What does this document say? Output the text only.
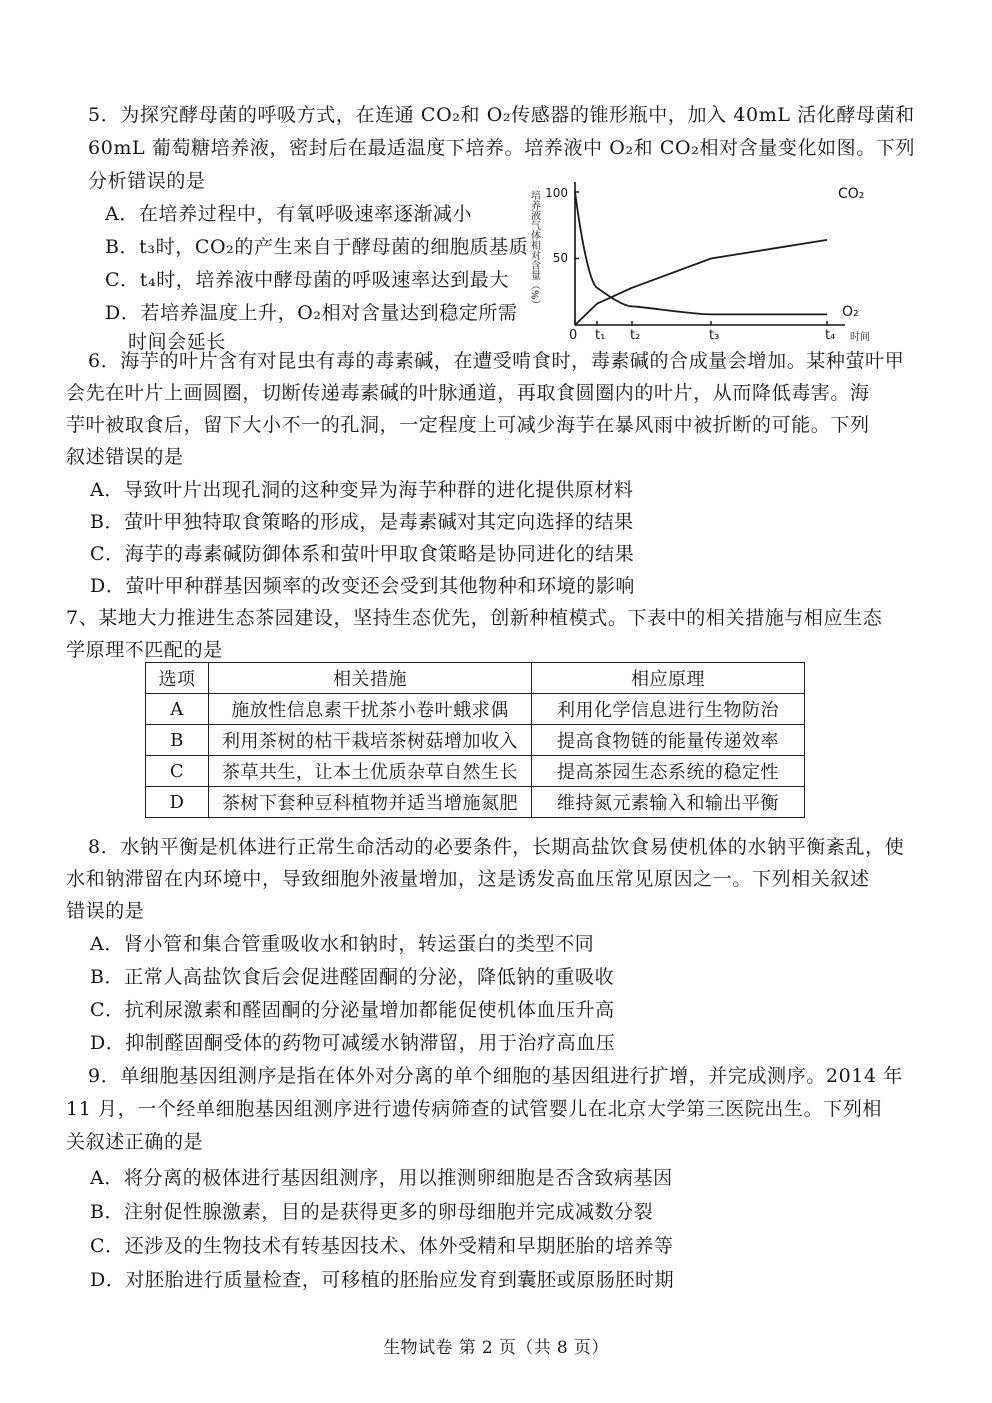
5．为探究酵母菌的呼吸方式，在连通 CO₂和 O₂传感器的锥形瓶中，加入 40mL 活化酵母菌和
60mL 葡萄糖培养液，密封后在最适温度下培养。培养液中 O₂和 CO₂相对含量变化如图。下列
分析错误的是
A．在培养过程中，有氧呼吸速率逐渐减小
B．t₃时，CO₂的产生来自于酵母菌的细胞质基质
C．t₄时，培养液中酵母菌的呼吸速率达到最大
D．若培养温度上升，O₂相对含量达到稳定所需
时间会延长
100
50
培养液气体相对含量（%）
时间
0 t₁ t₂	t₃	t₄
CO₂
O₂
6．海芋的叶片含有对昆虫有毒的毒素碱，在遭受啃食时，毒素碱的合成量会增加。某种萤叶甲
会先在叶片上画圆圈，切断传递毒素碱的叶脉通道，再取食圆圈内的叶片，从而降低毒害。海
芋叶被取食后，留下大小不一的孔洞，一定程度上可减少海芋在暴风雨中被折断的可能。下列
叙述错误的是
A．导致叶片出现孔洞的这种变异为海芋种群的进化提供原材料
B．萤叶甲独特取食策略的形成，是毒素碱对其定向选择的结果
C．海芋的毒素碱防御体系和萤叶甲取食策略是协同进化的结果
D．萤叶甲种群基因频率的改变还会受到其他物种和环境的影响
7、某地大力推进生态茶园建设，坚持生态优先，创新种植模式。下表中的相关措施与相应生态
学原理不匹配的是
选项	相关措施	相应原理
A	施放性信息素干扰茶小卷叶蛾求偶	利用化学信息进行生物防治
B	利用茶树的枯干栽培茶树菇增加收入	提高食物链的能量传递效率
C	茶草共生，让本土优质杂草自然生长	提高茶园生态系统的稳定性
D	茶树下套种豆科植物并适当增施氮肥	维持氮元素输入和输出平衡
8．水钠平衡是机体进行正常生命活动的必要条件，长期高盐饮食易使机体的水钠平衡紊乱，使
水和钠滞留在内环境中，导致细胞外液量增加，这是诱发高血压常见原因之一。下列相关叙述
错误的是
A．肾小管和集合管重吸收水和钠时，转运蛋白的类型不同
B．正常人高盐饮食后会促进醛固酮的分泌，降低钠的重吸收
C．抗利尿激素和醛固酮的分泌量增加都能促使机体血压升高
D．抑制醛固酮受体的药物可减缓水钠滞留，用于治疗高血压
9．单细胞基因组测序是指在体外对分离的单个细胞的基因组进行扩增，并完成测序。2014 年
11 月，一个经单细胞基因组测序进行遗传病筛查的试管婴儿在北京大学第三医院出生。下列相
关叙述正确的是
A．将分离的极体进行基因组测序，用以推测卵细胞是否含致病基因
B．注射促性腺激素，目的是获得更多的卵母细胞并完成减数分裂
C．还涉及的生物技术有转基因技术、体外受精和早期胚胎的培养等
D．对胚胎进行质量检查，可移植的胚胎应发育到囊胚或原肠胚时期
生物试卷 第 2 页（共 8 页）
